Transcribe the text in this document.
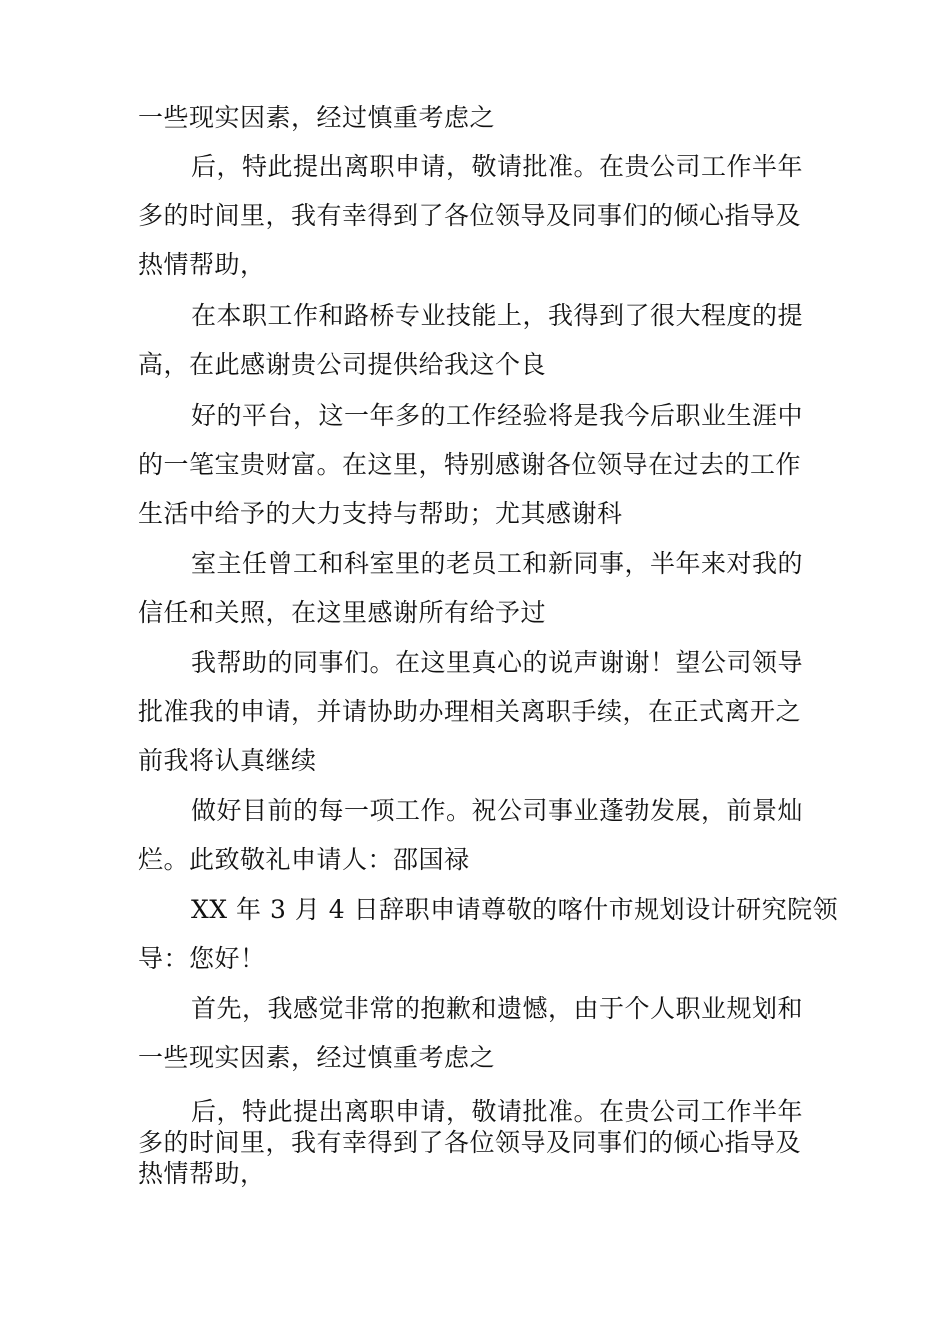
一些现实因素，经过慎重考虑之

后，特此提出离职申请，敬请批准。在贵公司工作半年
多的时间里，我有幸得到了各位领导及同事们的倾心指导及
热情帮助，

在本职工作和路桥专业技能上，我得到了很大程度的提
高，在此感谢贵公司提供给我这个良

好的平台，这一年多的工作经验将是我今后职业生涯中
的一笔宝贵财富。在这里，特别感谢各位领导在过去的工作
生活中给予的大力支持与帮助；尤其感谢科

室主任曾工和科室里的老员工和新同事，半年来对我的
信任和关照，在这里感谢所有给予过

我帮助的同事们。在这里真心的说声谢谢！望公司领导
批准我的申请，并请协助办理相关离职手续，在正式离开之
前我将认真继续

做好目前的每一项工作。祝公司事业蓬勃发展，前景灿
烂。此致敬礼申请人：邵国禄

XX 年 3 月 4 日辞职申请尊敬的喀什市规划设计研究院领
导：您好！

首先，我感觉非常的抱歉和遗憾，由于个人职业规划和
一些现实因素，经过慎重考虑之

后，特此提出离职申请，敬请批准。在贵公司工作半年
多的时间里，我有幸得到了各位领导及同事们的倾心指导及
热情帮助，
